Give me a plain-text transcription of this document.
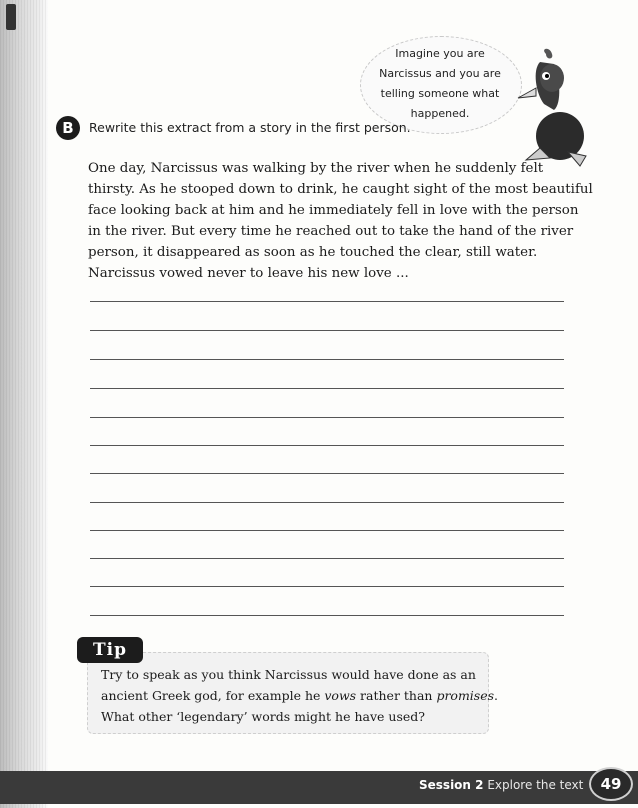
Imagine you are
Narcissus and you are
telling someone what
happened.
B	Rewrite this extract from a story in the first person.
One day, Narcissus was walking by the river when he suddenly felt
thirsty. As he stooped down to drink, he caught sight of the most beautiful
face looking back at him and he immediately fell in love with the person
in the river. But every time he reached out to take the hand of the river
person, it disappeared as soon as he touched the clear, still water.
Narcissus vowed never to leave his new love ...
Tip
Try to speak as you think Narcissus would have done as an
ancient Greek god, for example he vows rather than promises.
What other ‘legendary’ words might he have used?
Session 2 Explore the text	49
